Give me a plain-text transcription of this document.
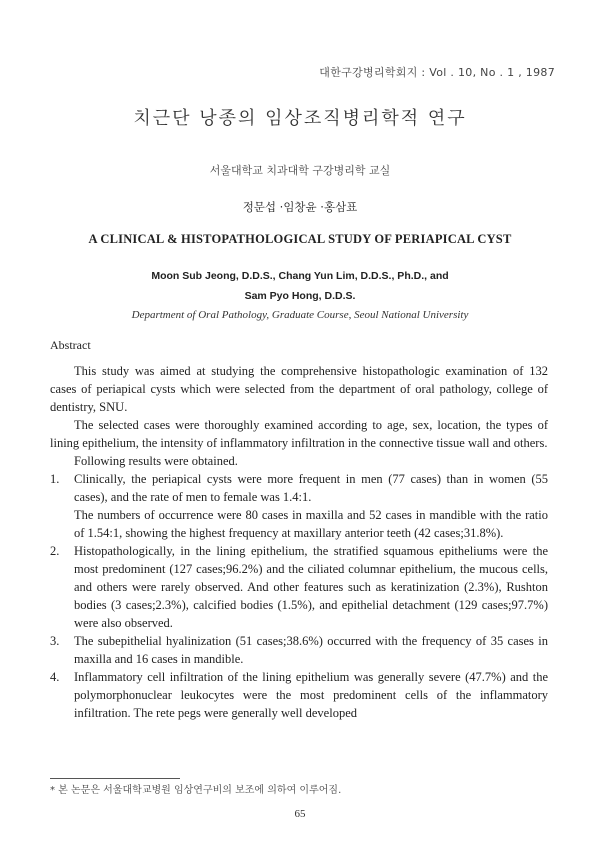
대한구강병리학회지 : Vol . 10, No . 1 , 1987
치근단 낭종의 임상조직병리학적 연구
서울대학교 치과대학 구강병리학 교실
정문섭 ·임창윤 ·홍삼표
A CLINICAL & HISTOPATHOLOGICAL STUDY OF PERIAPICAL CYST
Moon Sub Jeong, D.D.S., Chang Yun Lim, D.D.S., Ph.D., and
Sam Pyo Hong, D.D.S.
Department of Oral Pathology, Graduate Course, Seoul National University
Abstract

This study was aimed at studying the comprehensive histopathologic examination of 132 cases of periapical cysts which were selected from the department of oral pathology, college of dentistry, SNU.

The selected cases were thoroughly examined according to age, sex, location, the types of lining epithelium, the intensity of inflammatory infiltration in the connective tissue wall and others.

Following results were obtained.

1. Clinically, the periapical cysts were more frequent in men (77 cases) than in women (55 cases), and the rate of men to female was 1.4:1.
The numbers of occurrence were 80 cases in maxilla and 52 cases in mandible with the ratio of 1.54:1, showing the highest frequency at maxillary anterior teeth (42 cases;31.8%).
2. Histopathologically, in the lining epithelium, the stratified squamous epitheliums were the most predominent (127 cases;96.2%) and the ciliated columnar epithelium, the mucous cells, and others were rarely observed. And other features such as keratinization (2.3%), Rushton bodies (3 cases;2.3%), calcified bodies (1.5%), and epithelial detachment (129 cases;97.7%) were also observed.
3. The subepithelial hyalinization (51 cases;38.6%) occurred with the frequency of 35 cases in maxilla and 16 cases in mandible.
4. Inflammatory cell infiltration of the lining epithelium was generally severe (47.7%) and the polymorphonuclear leukocytes were the most predominent cells of the inflammatory infiltration. The rete pegs were generally well developed
* 본 논문은 서울대학교병원 임상연구비의 보조에 의하여 이루어짐.
65
